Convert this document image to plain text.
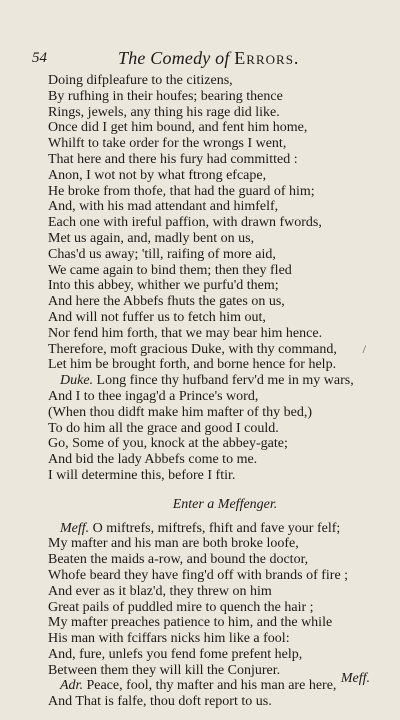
54	The Comedy of Errors.
Doing difpleafure to the citizens,
By rufhing in their houfes; bearing thence
Rings, jewels, any thing his rage did like.
Once did I get him bound, and fent him home,
Whilft to take order for the wrongs I went,
That here and there his fury had committed :
Anon, I wot not by what ftrong efcape,
He broke from thofe, that had the guard of him;
And, with his mad attendant and himfelf,
Each one with ireful paffion, with drawn fwords,
Met us again, and, madly bent on us,
Chas'd us away; 'till, raifing of more aid,
We came again to bind them; then they fled
Into this abbey, whither we purfu'd them;
And here the Abbefs fhuts the gates on us,
And will not fuffer us to fetch him out,
Nor fend him forth, that we may bear him hence.
Therefore, moft gracious Duke, with thy command,
Let him be brought forth, and borne hence for help.
Duke. Long fince thy hufband ferv'd me in my wars,
And I to thee ingag'd a Prince's word,
(When thou didft make him mafter of thy bed,)
To do him all the grace and good I could.
Go, Some of you, knock at the abbey-gate;
And bid the lady Abbefs come to me.
I will determine this, before I ftir.
Enter a Meffenger.
Meff. O miftrefs, miftrefs, fhift and fave your felf;
My mafter and his man are both broke loofe,
Beaten the maids a-row, and bound the doctor,
Whofe beard they have fing'd off with brands of fire ;
And ever as it blaz'd, they threw on him
Great pails of puddled mire to quench the hair ;
My mafter preaches patience to him, and the while
His man with fciffars nicks him like a fool:
And, fure, unlefs you fend fome prefent help,
Between them they will kill the Conjurer.
Adr. Peace, fool, thy mafter and his man are here,
And That is falfe, thou doft report to us.
/
Meff.
